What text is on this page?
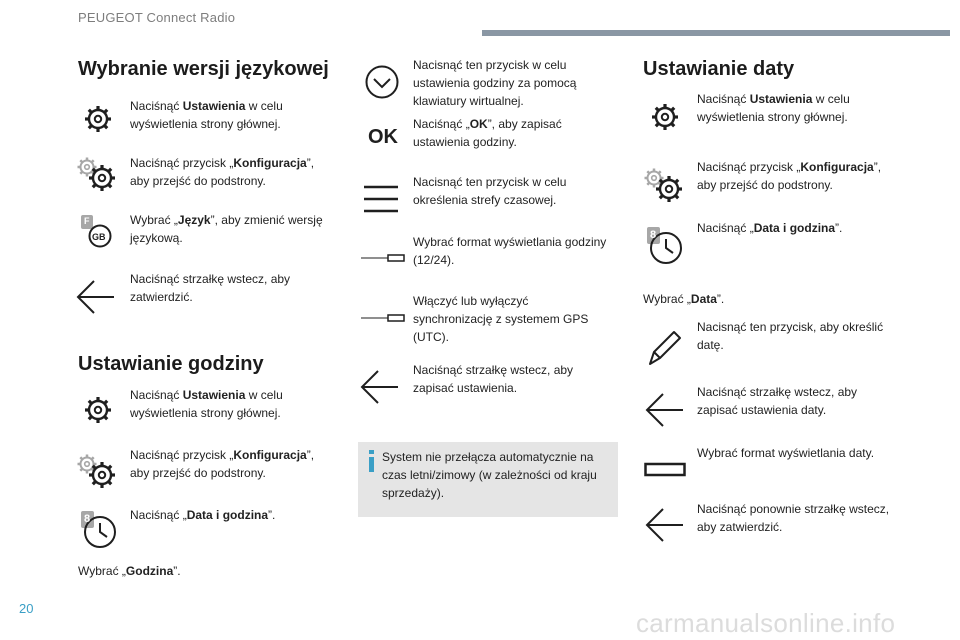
PEUGEOT Connect Radio
Wybranie wersji językowej
Naciśnąć Ustawienia w celu wyświetlenia strony głównej.
Naciśnąć przycisk „Konfiguracja”, aby przejść do podstrony.
F
GB
Wybrać „Język”, aby zmienić wersję językową.
Naciśnąć strzałkę wstecz, aby zatwierdzić.
Ustawianie godziny
Naciśnąć Ustawienia w celu wyświetlenia strony głównej.
Naciśnąć przycisk „Konfiguracja”, aby przejść do podstrony.
8	Naciśnąć „Data i godzina”.
Wybrać „Godzina”.
Nacisnąć ten przycisk w celu ustawienia godziny za pomocą klawiatury wirtualnej.
OK
Naciśnąć „OK”, aby zapisać ustawienia godziny.
Nacisnąć ten przycisk w celu określenia strefy czasowej.
Wybrać format wyświetlania godziny (12/24).
Włączyć lub wyłączyć synchronizację z systemem GPS (UTC).
Naciśnąć strzałkę wstecz, aby zapisać ustawienia.
System nie przełącza automatycznie na czas letni/zimowy (w zależności od kraju sprzedaży).
Ustawianie daty
Naciśnąć Ustawienia w celu wyświetlenia strony głównej.
Naciśnąć przycisk „Konfiguracja”, aby przejść do podstrony.
8	Naciśnąć „Data i godzina”.
Wybrać „Data”.
Nacisnąć ten przycisk, aby określić datę.
Naciśnąć strzałkę wstecz, aby zapisać ustawienia daty.
Wybrać format wyświetlania daty.
Naciśnąć ponownie strzałkę wstecz, aby zatwierdzić.
20	carmanualsonline.info
